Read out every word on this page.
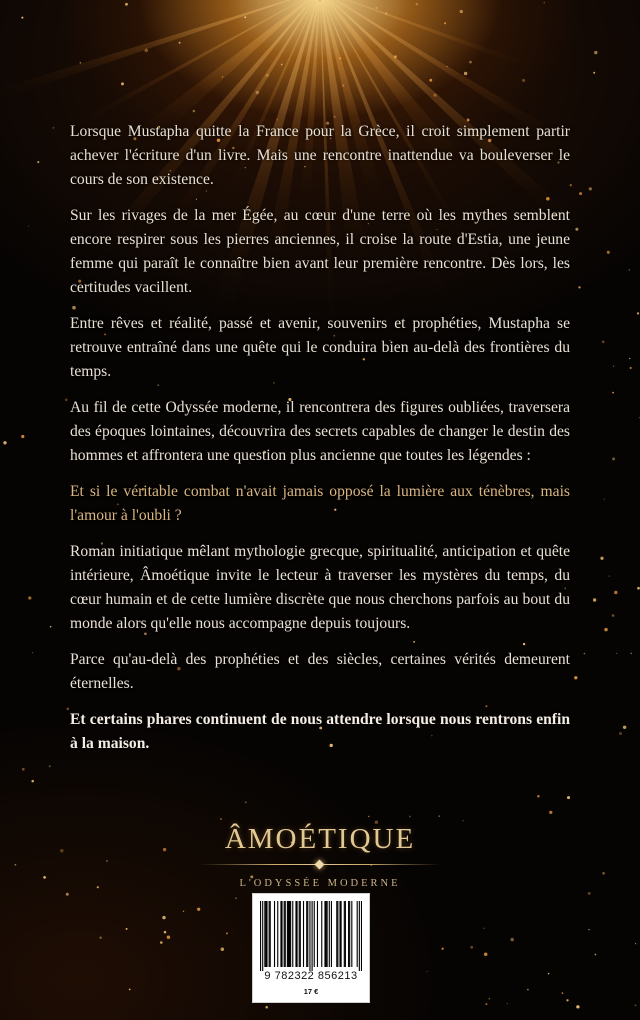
Lorsque Mustapha quitte la France pour la Grèce, il croit simplement partir achever l'écriture d'un livre. Mais une rencontre inattendue va bouleverser le cours de son existence.

Sur les rivages de la mer Égée, au cœur d'une terre où les mythes semblent encore respirer sous les pierres anciennes, il croise la route d'Estia, une jeune femme qui paraît le connaître bien avant leur première rencontre. Dès lors, les certitudes vacillent.

Entre rêves et réalité, passé et avenir, souvenirs et prophéties, Mustapha se retrouve entraîné dans une quête qui le conduira bien au-delà des frontières du temps.

Au fil de cette Odyssée moderne, il rencontrera des figures oubliées, traversera des époques lointaines, découvrira des secrets capables de changer le destin des hommes et affrontera une question plus ancienne que toutes les légendes :

Et si le véritable combat n'avait jamais opposé la lumière aux ténèbres, mais l'amour à l'oubli ?

Roman initiatique mêlant mythologie grecque, spiritualité, anticipation et quête intérieure, Âmoétique invite le lecteur à traverser les mystères du temps, du cœur humain et de cette lumière discrète que nous cherchons parfois au bout du monde alors qu'elle nous accompagne depuis toujours.

Parce qu'au-delà des prophéties et des siècles, certaines vérités demeurent éternelles.

Et certains phares continuent de nous attendre lorsque nous rentrons enfin à la maison.

ÂMOÉTIQUE
L'ODYSSÉE MODERNE
9 782322 856213
17 €
